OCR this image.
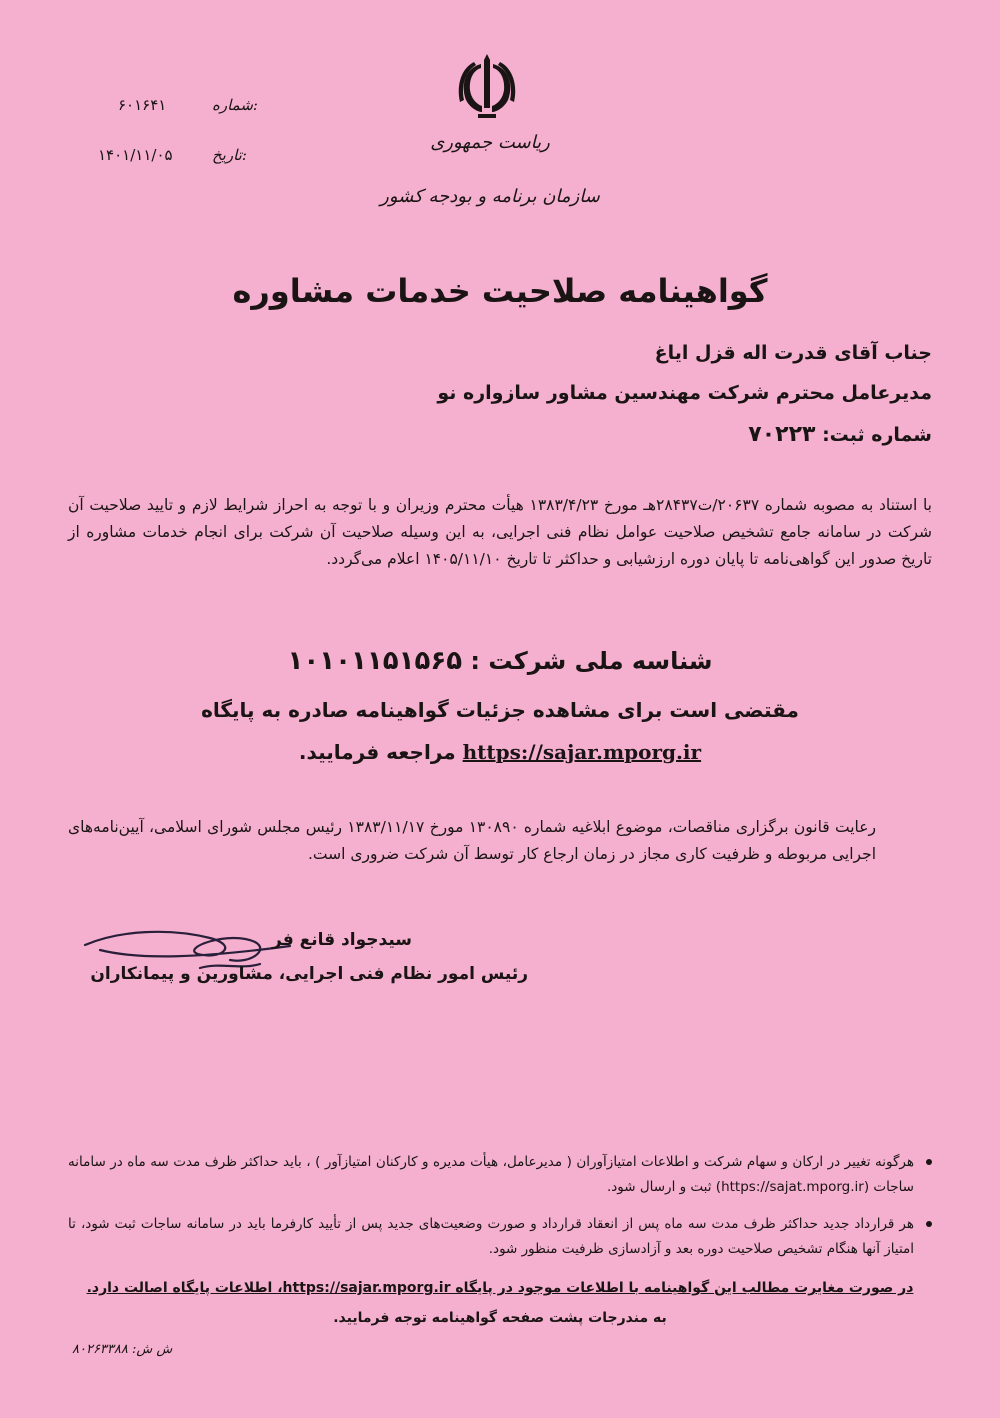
شماره:
۶۰۱۶۴۱
تاریخ:
۱۴۰۱/۱۱/۰۵
ریاست جمهوری
سازمان برنامه و بودجه کشور
گواهینامه صلاحیت خدمات مشاوره
جناب آقای قدرت اله قزل ایاغ
مدیرعامل محترم شرکت مهندسین مشاور سازواره نو
شماره ثبت: ۷۰۲۲۳
با استناد به مصوبه شماره ۲۰۶۳۷/ت۲۸۴۳۷هـ مورخ ۱۳۸۳/۴/۲۳ هیأت محترم وزیران و با توجه به احراز شرایط لازم و تایید صلاحیت آن شرکت در سامانه جامع تشخیص صلاحیت عوامل نظام فنی اجرایی، به این وسیله صلاحیت آن شرکت برای انجام خدمات مشاوره از تاریخ صدور این گواهی‌نامه تا پایان دوره ارزشیابی و حداکثر تا تاریخ ۱۴۰۵/۱۱/۱۰ اعلام می‌گردد.
شناسه ملی شرکت : ۱۰۱۰۱۱۵۱۵۶۵
مقتضی است برای مشاهده جزئیات گواهینامه صادره به پایگاه
https://sajar.mporg.ir مراجعه فرمایید.
رعایت قانون برگزاری مناقصات، موضوع ابلاغیه شماره ۱۳۰۸۹۰ مورخ ۱۳۸۳/۱۱/۱۷ رئیس مجلس شورای اسلامی، آیین‌نامه‌های اجرایی مربوطه و ظرفیت کاری مجاز در زمان ارجاع کار توسط آن شرکت ضروری است.
سیدجواد قانع فر
رئیس امور نظام فنی اجرایی، مشاورین و پیمانکاران
هرگونه تغییر در ارکان و سهام شرکت و اطلاعات امتیازآوران ( مدیرعامل، هیأت مدیره و کارکنان امتیازآور ) ، باید حداکثر ظرف مدت سه ماه در سامانه ساجات (https://sajat.mporg.ir) ثبت و ارسال شود.
هر قرارداد جدید حداکثر ظرف مدت سه ماه پس از انعقاد قرارداد و صورت وضعیت‌های جدید پس از تأیید کارفرما باید در سامانه ساجات ثبت شود، تا امتیاز آنها هنگام تشخیص صلاحیت دوره بعد و آزادسازی ظرفیت منظور شود.
در صورت مغایرت مطالب این گواهینامه با اطلاعات موجود در پایگاه https://sajar.mporg.ir، اطلاعات پایگاه اصالت دارد.
به مندرجات پشت صفحه گواهینامه توجه فرمایید.
ش ش: ۸۰۲۶۳۳۸۸
